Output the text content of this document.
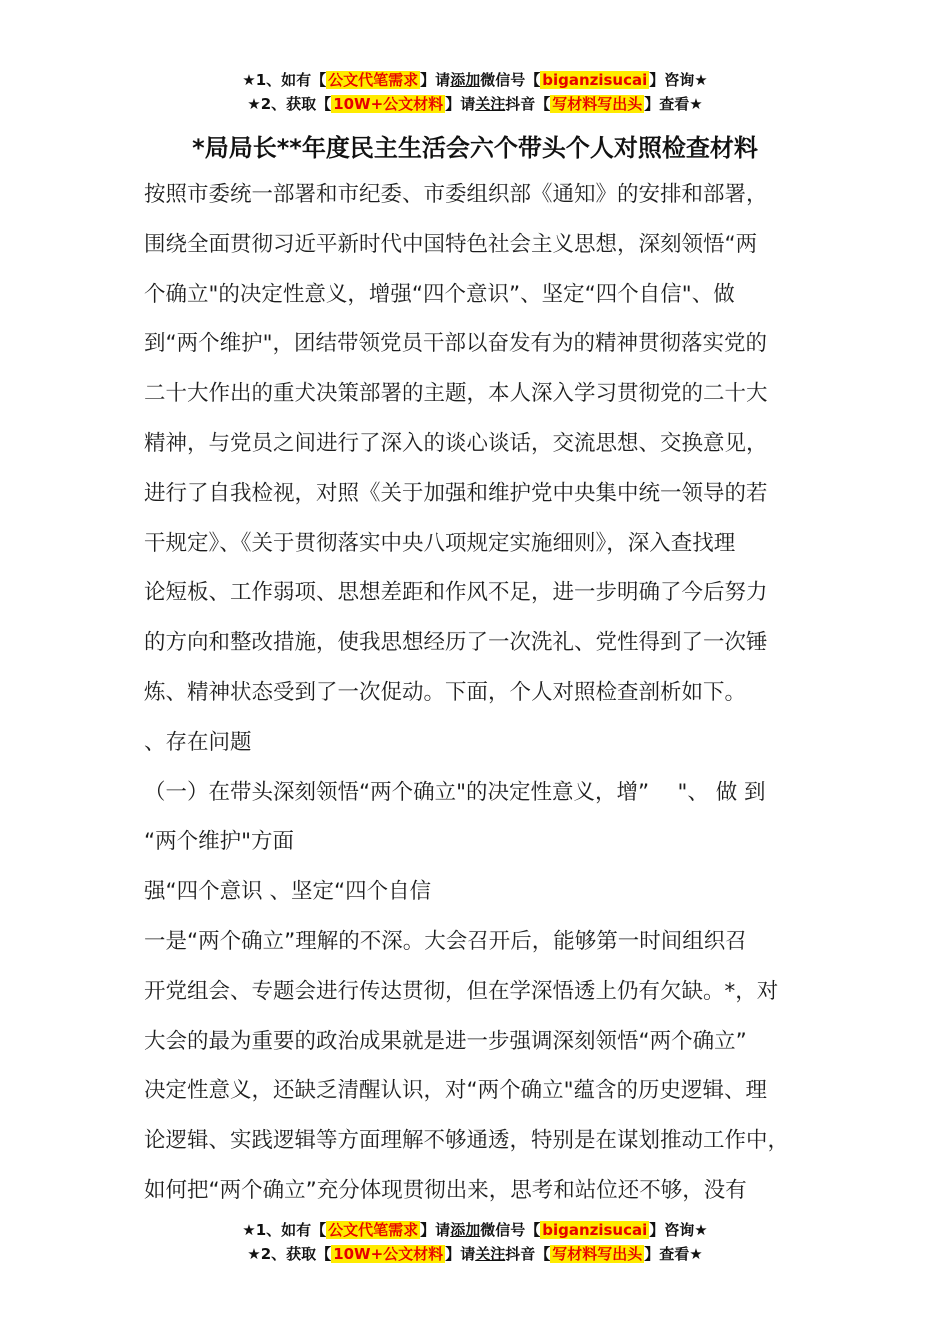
★1、如有【 公文代笔需求 】请添加微信号【 biganzisucai 】咨询★
★2、获取【 10W+公文材料 】请关注抖音【 写材料写出头 】查看★
*局局长**年度民主生活会六个带头个人对照检查材料
按照市委统一部署和市纪委、市委组织部《通知》的安排和部署，
围绕全面贯彻习近平新时代中国特色社会主义思想，深刻领悟“两
个确立"的决定性意义，增强“四个意识”、坚定“四个自信"、做
到“两个维护"，团结带领党员干部以奋发有为的精神贯彻落实党的
二十大作出的重犬决策部署的主题，本人深入学习贯彻党的二十大
精神，与党员之间进行了深入的谈心谈话，交流思想、交换意见，
进行了自我检视，对照《关于加强和维护党中央集中统一领导的若
干规定》、《关于贯彻落实中央八项规定实施细则》，深入查找理
论短板、工作弱项、思想差距和作风不足，进一步明确了今后努力
的方向和整改措施，使我思想经历了一次洗礼、党性得到了一次锤
炼、精神状态受到了一次促动。下面，个人对照检查剖析如下。
、存在问题
（一）在带头深刻领悟“两个确立"的决定性意义，增”　 "、 做 到
“两个维护"方面
强“四个意识 、坚定“四个自信
一是“两个确立”理解的不深。大会召开后，能够第一时间组织召
开党组会、专题会进行传达贯彻，但在学深悟透上仍有欠缺。*，对
大会的最为重要的政治成果就是进一步强调深刻领悟“两个确立”
决定性意义，还缺乏清醒认识，对“两个确立"蕴含的历史逻辑、理
论逻辑、实践逻辑等方面理解不够通透，特别是在谋划推动工作中，
如何把“两个确立”充分体现贯彻出来，思考和站位还不够，没有
★1、如有【 公文代笔需求 】请添加微信号【 biganzisucai 】咨询★
★2、获取【 10W+公文材料 】请关注抖音【 写材料写出头 】查看★
